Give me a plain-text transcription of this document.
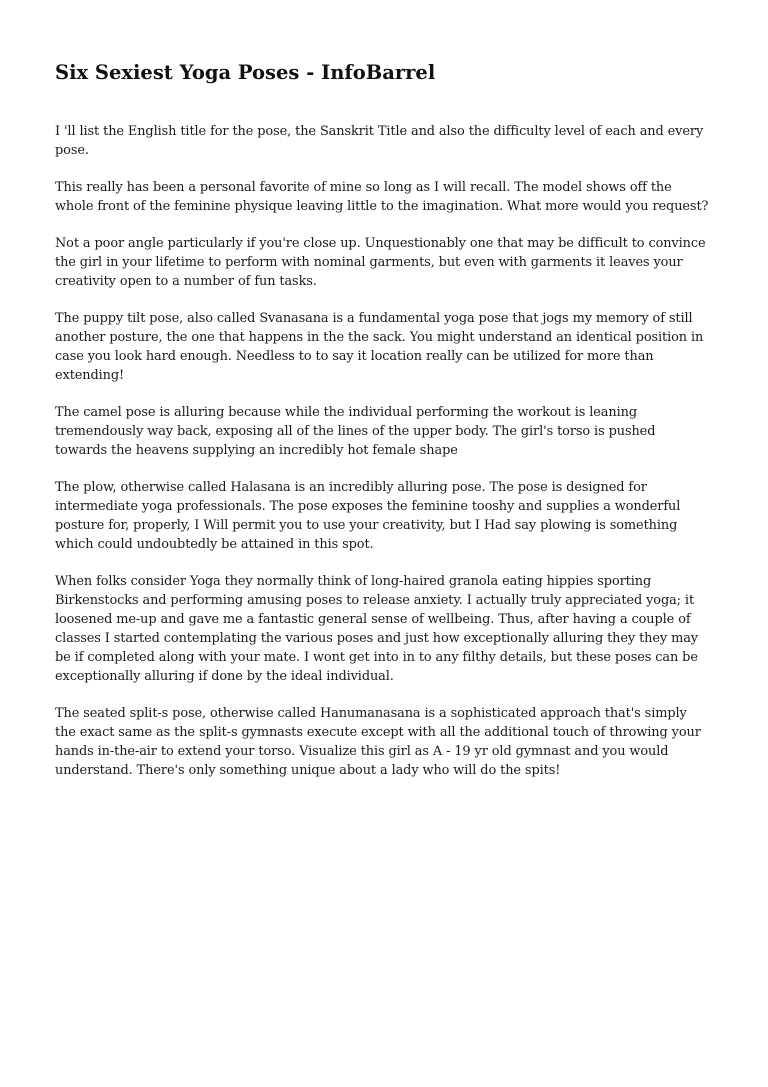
Six Sexiest Yoga Poses - InfoBarrel

I 'll list the English title for the pose, the Sanskrit Title and also the difficulty level of each and every
pose.

This really has been a personal favorite of mine so long as I will recall. The model shows off the
whole front of the feminine physique leaving little to the imagination. What more would you request?

Not a poor angle particularly if you're close up. Unquestionably one that may be difficult to convince
the girl in your lifetime to perform with nominal garments, but even with garments it leaves your
creativity open to a number of fun tasks.

The puppy tilt pose, also called Svanasana is a fundamental yoga pose that jogs my memory of still
another posture, the one that happens in the the sack. You might understand an identical position in
case you look hard enough. Needless to to say it location really can be utilized for more than
extending!

The camel pose is alluring because while the individual performing the workout is leaning
tremendously way back, exposing all of the lines of the upper body. The girl's torso is pushed
towards the heavens supplying an incredibly hot female shape

The plow, otherwise called Halasana is an incredibly alluring pose. The pose is designed for
intermediate yoga professionals. The pose exposes the feminine tooshy and supplies a wonderful
posture for, properly, I Will permit you to use your creativity, but I Had say plowing is something
which could undoubtedly be attained in this spot.

When folks consider Yoga they normally think of long-haired granola eating hippies sporting
Birkenstocks and performing amusing poses to release anxiety. I actually truly appreciated yoga; it
loosened me-up and gave me a fantastic general sense of wellbeing. Thus, after having a couple of
classes I started contemplating the various poses and just how exceptionally alluring they they may
be if completed along with your mate. I wont get into in to any filthy details, but these poses can be
exceptionally alluring if done by the ideal individual.

The seated split-s pose, otherwise called Hanumanasana is a sophisticated approach that's simply
the exact same as the split-s gymnasts execute except with all the additional touch of throwing your
hands in-the-air to extend your torso. Visualize this girl as A - 19 yr old gymnast and you would
understand. There's only something unique about a lady who will do the spits!
